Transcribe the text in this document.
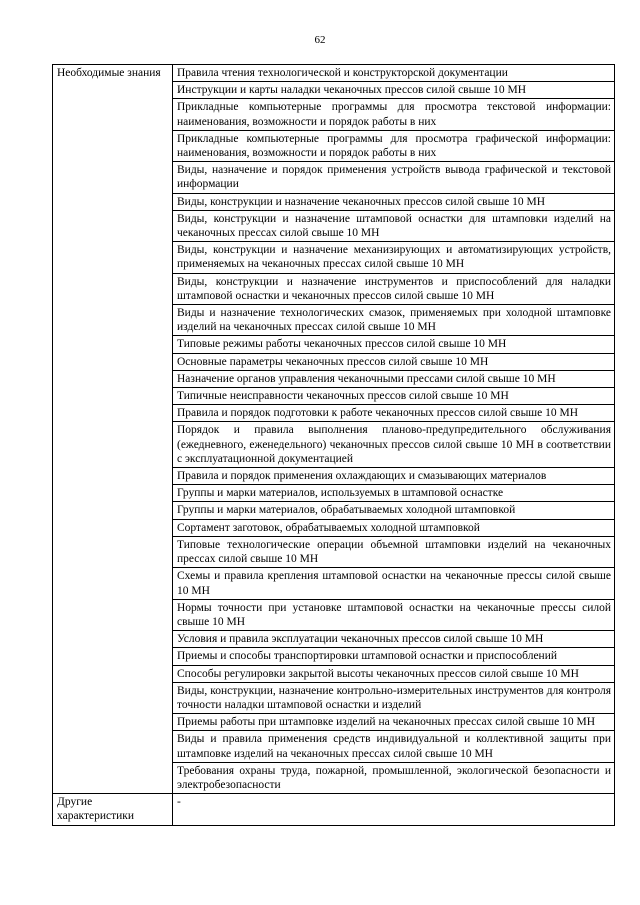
62
Необходимые знания	Правила чтения технологической и конструкторской документации
	Инструкции и карты наладки чеканочных прессов силой свыше 10 МН
	Прикладные компьютерные программы для просмотра текстовой информации: наименования, возможности и порядок работы в них
	Прикладные компьютерные программы для просмотра графической информации: наименования, возможности и порядок работы в них
	Виды, назначение и порядок применения устройств вывода графической и текстовой информации
	Виды, конструкции и назначение чеканочных прессов силой свыше 10 МН
	Виды, конструкции и назначение штамповой оснастки для штамповки изделий на чеканочных прессах силой свыше 10 МН
	Виды, конструкции и назначение механизирующих и автоматизирующих устройств, применяемых на чеканочных прессах силой свыше 10 МН
	Виды, конструкции и назначение инструментов и приспособлений для наладки штамповой оснастки и чеканочных прессов силой свыше 10 МН
	Виды и назначение технологических смазок, применяемых при холодной штамповке изделий на чеканочных прессах силой свыше 10 МН
	Типовые режимы работы чеканочных прессов силой свыше 10 МН
	Основные параметры чеканочных прессов силой свыше 10 МН
	Назначение органов управления чеканочными прессами силой свыше 10 МН
	Типичные неисправности чеканочных прессов силой свыше 10 МН
	Правила и порядок подготовки к работе чеканочных прессов силой свыше 10 МН
	Порядок и правила выполнения планово-предупредительного обслуживания (ежедневного, еженедельного) чеканочных прессов силой свыше 10 МН в соответствии с эксплуатационной документацией
	Правила и порядок применения охлаждающих и смазывающих материалов
	Группы и марки материалов, используемых в штамповой оснастке
	Группы и марки материалов, обрабатываемых холодной штамповкой
	Сортамент заготовок, обрабатываемых холодной штамповкой
	Типовые технологические операции объемной штамповки изделий на чеканочных прессах силой свыше 10 МН
	Схемы и правила крепления штамповой оснастки на чеканочные прессы силой свыше 10 МН
	Нормы точности при установке штамповой оснастки на чеканочные прессы силой свыше 10 МН
	Условия и правила эксплуатации чеканочных прессов силой свыше 10 МН
	Приемы и способы транспортировки штамповой оснастки и приспособлений
	Способы регулировки закрытой высоты чеканочных прессов силой свыше 10 МН
	Виды, конструкции, назначение контрольно-измерительных инструментов для контроля точности наладки штамповой оснастки и изделий
	Приемы работы при штамповке изделий на чеканочных прессах силой свыше 10 МН
	Виды и правила применения средств индивидуальной и коллективной защиты при штамповке изделий на чеканочных прессах силой свыше 10 МН
	Требования охраны труда, пожарной, промышленной, экологической безопасности и электробезопасности
Другие характеристики	-
